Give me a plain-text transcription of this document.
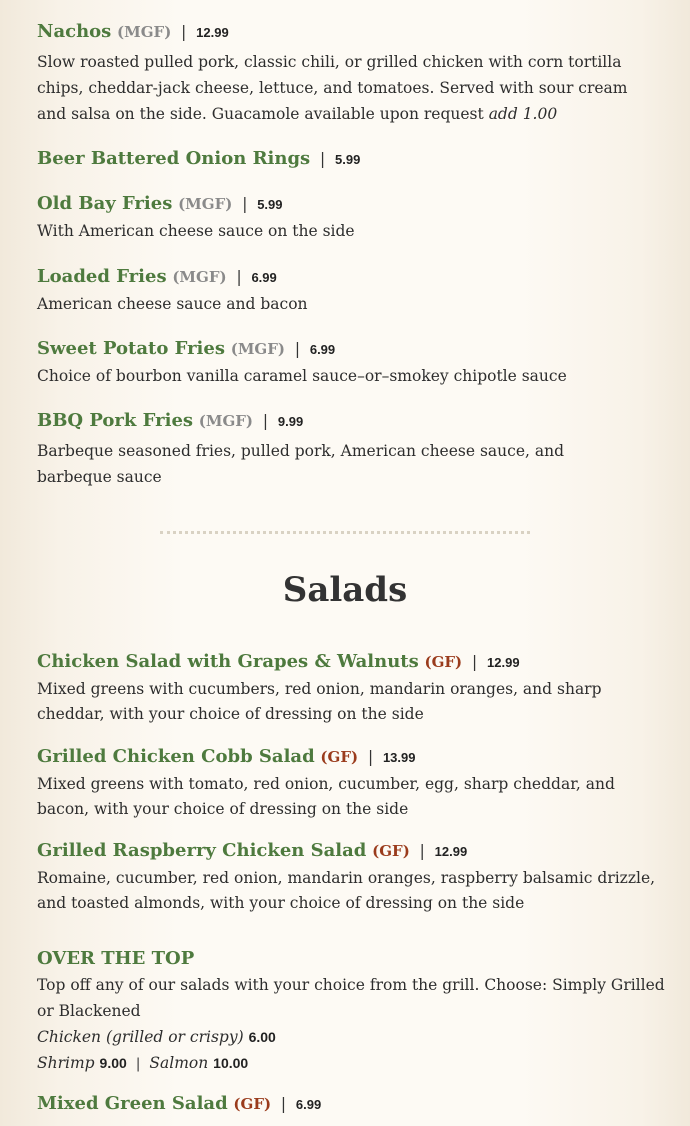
Nachos (MGF) | 12.99
Slow roasted pulled pork, classic chili, or grilled chicken with corn tortilla chips, cheddar-jack cheese, lettuce, and tomatoes. Served with sour cream and salsa on the side. Guacamole available upon request add 1.00
Beer Battered Onion Rings | 5.99
Old Bay Fries (MGF) | 5.99
With American cheese sauce on the side
Loaded Fries (MGF) | 6.99
American cheese sauce and bacon
Sweet Potato Fries (MGF) | 6.99
Choice of bourbon vanilla caramel sauce–or–smokey chipotle sauce
BBQ Pork Fries (MGF) | 9.99
Barbeque seasoned fries, pulled pork, American cheese sauce, and barbeque sauce
Salads
Chicken Salad with Grapes & Walnuts (GF) | 12.99
Mixed greens with cucumbers, red onion, mandarin oranges, and sharp cheddar, with your choice of dressing on the side
Grilled Chicken Cobb Salad (GF) | 13.99
Mixed greens with tomato, red onion, cucumber, egg, sharp cheddar, and bacon, with your choice of dressing on the side
Grilled Raspberry Chicken Salad (GF) | 12.99
Romaine, cucumber, red onion, mandarin oranges, raspberry balsamic drizzle, and toasted almonds, with your choice of dressing on the side
OVER THE TOP
Top off any of our salads with your choice from the grill. Choose: Simply Grilled or Blackened
Chicken (grilled or crispy) 6.00
Shrimp 9.00 | Salmon 10.00
Mixed Green Salad (GF) | 6.99
